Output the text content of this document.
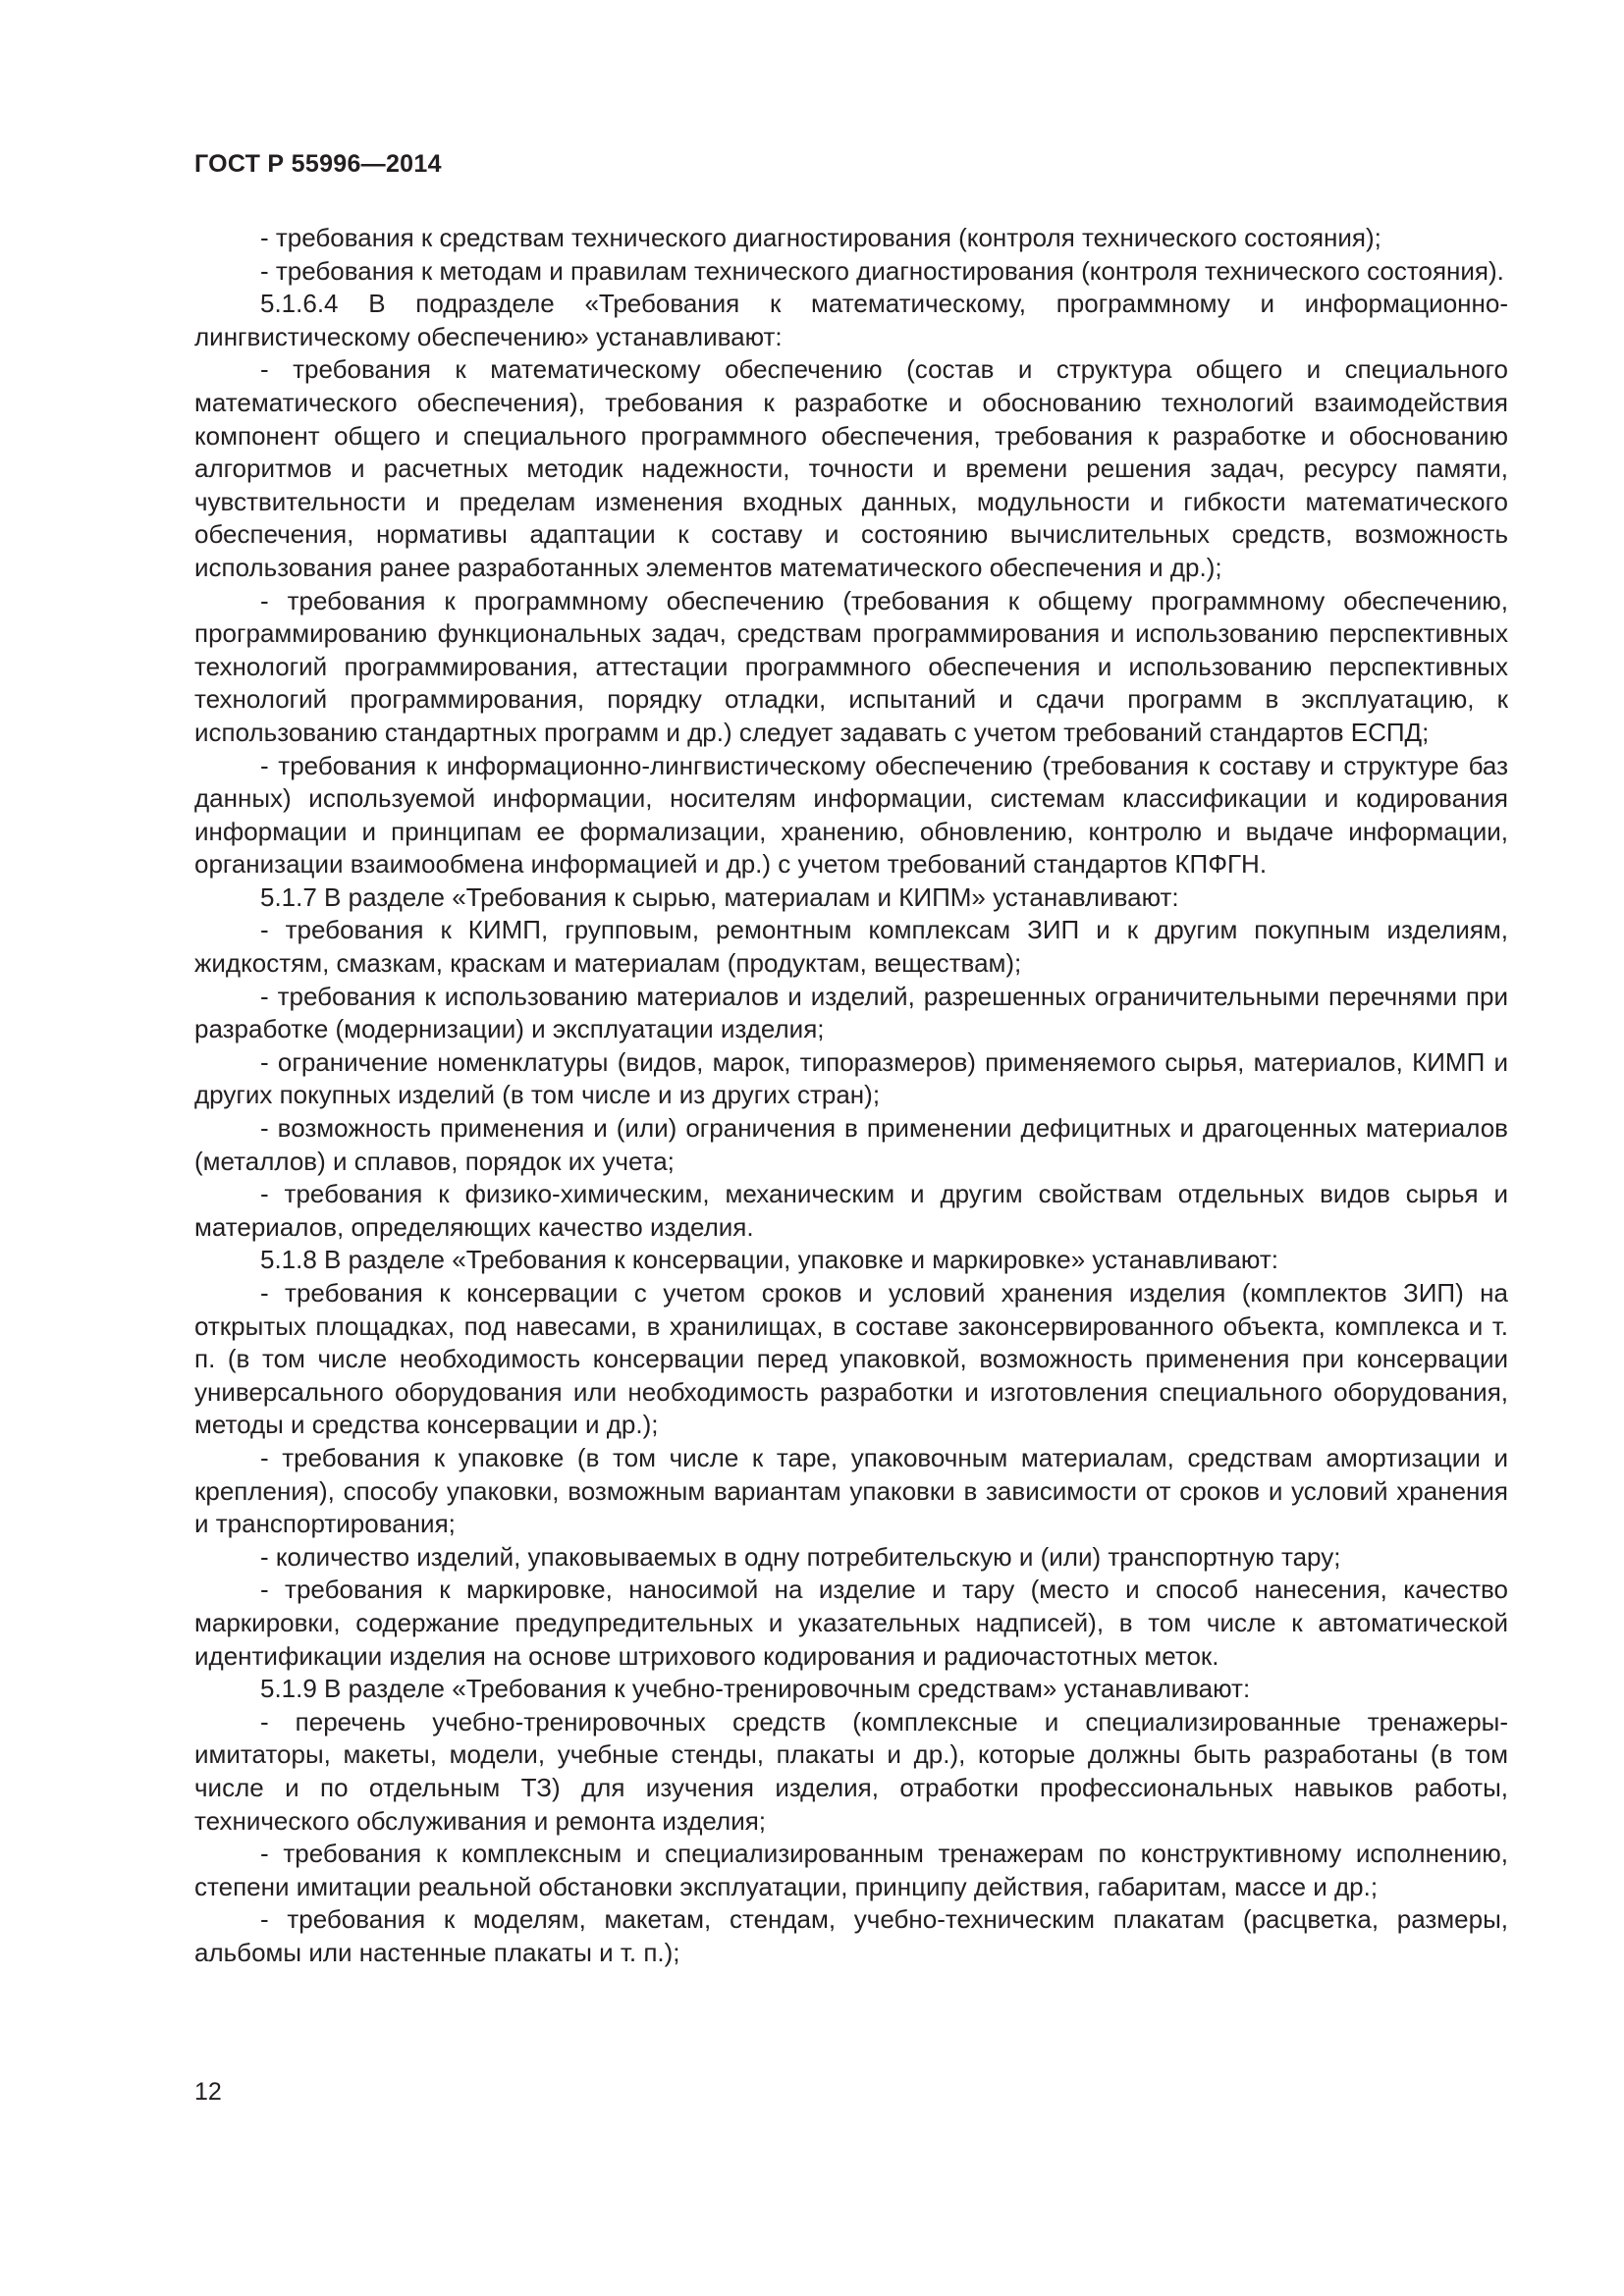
ГОСТ Р 55996—2014

- требования к средствам технического диагностирования (контроля технического состояния);

- требования к методам и правилам технического диагностирования (контроля технического состояния).

5.1.6.4 В подразделе «Требования к математическому, программному и информационно-лингвистическому обеспечению» устанавливают:

- требования к математическому обеспечению (состав и структура общего и специального математического обеспечения), требования к разработке и обоснованию технологий взаимодействия компонент общего и специального программного обеспечения, требования к разработке и обоснованию алгоритмов и расчетных методик надежности, точности и времени решения задач, ресурсу памяти, чувствительности и пределам изменения входных данных, модульности и гибкости математического обеспечения, нормативы адаптации к составу и состоянию вычислительных средств, возможность использования ранее разработанных элементов математического обеспечения и др.);

- требования к программному обеспечению (требования к общему программному обеспечению, программированию функциональных задач, средствам программирования и использованию перспективных технологий программирования, аттестации программного обеспечения и использованию перспективных технологий программирования, порядку отладки, испытаний и сдачи программ в эксплуатацию, к использованию стандартных программ и др.) следует задавать с учетом требований стандартов ЕСПД;

- требования к информационно-лингвистическому обеспечению (требования к составу и структуре баз данных) используемой информации, носителям информации, системам классификации и кодирования информации и принципам ее формализации, хранению, обновлению, контролю и выдаче информации, организации взаимообмена информацией и др.) с учетом требований стандартов КПФГН.

5.1.7 В разделе «Требования к сырью, материалам и КИПМ» устанавливают:

- требования к КИМП, групповым, ремонтным комплексам ЗИП и к другим покупным изделиям, жидкостям, смазкам, краскам и материалам (продуктам, веществам);

- требования к использованию материалов и изделий, разрешенных ограничительными перечнями при разработке (модернизации) и эксплуатации изделия;

- ограничение номенклатуры (видов, марок, типоразмеров) применяемого сырья, материалов, КИМП и других покупных изделий (в том числе и из других стран);

- возможность применения и (или) ограничения в применении дефицитных и драгоценных материалов (металлов) и сплавов, порядок их учета;

- требования к физико-химическим, механическим и другим свойствам отдельных видов сырья и материалов, определяющих качество изделия.

5.1.8 В разделе «Требования к консервации, упаковке и маркировке» устанавливают:

- требования к консервации с учетом сроков и условий хранения изделия (комплектов ЗИП) на открытых площадках, под навесами, в хранилищах, в составе законсервированного объекта, комплекса и т. п. (в том числе необходимость консервации перед упаковкой, возможность применения при консервации универсального оборудования или необходимость разработки и изготовления специального оборудования, методы и средства консервации и др.);

- требования к упаковке (в том числе к таре, упаковочным материалам, средствам амортизации и крепления), способу упаковки, возможным вариантам упаковки в зависимости от сроков и условий хранения и транспортирования;

- количество изделий, упаковываемых в одну потребительскую и (или) транспортную тару;

- требования к маркировке, наносимой на изделие и тару (место и способ нанесения, качество маркировки, содержание предупредительных и указательных надписей), в том числе к автоматической идентификации изделия на основе штрихового кодирования и радиочастотных меток.

5.1.9 В разделе «Требования к учебно-тренировочным средствам» устанавливают:

- перечень учебно-тренировочных средств (комплексные и специализированные тренажеры-имитаторы, макеты, модели, учебные стенды, плакаты и др.), которые должны быть разработаны (в том числе и по отдельным ТЗ) для изучения изделия, отработки профессиональных навыков работы, технического обслуживания и ремонта изделия;

- требования к комплексным и специализированным тренажерам по конструктивному исполнению, степени имитации реальной обстановки эксплуатации, принципу действия, габаритам, массе и др.;

- требования к моделям, макетам, стендам, учебно-техническим плакатам (расцветка, размеры, альбомы или настенные плакаты и т. п.);

12
